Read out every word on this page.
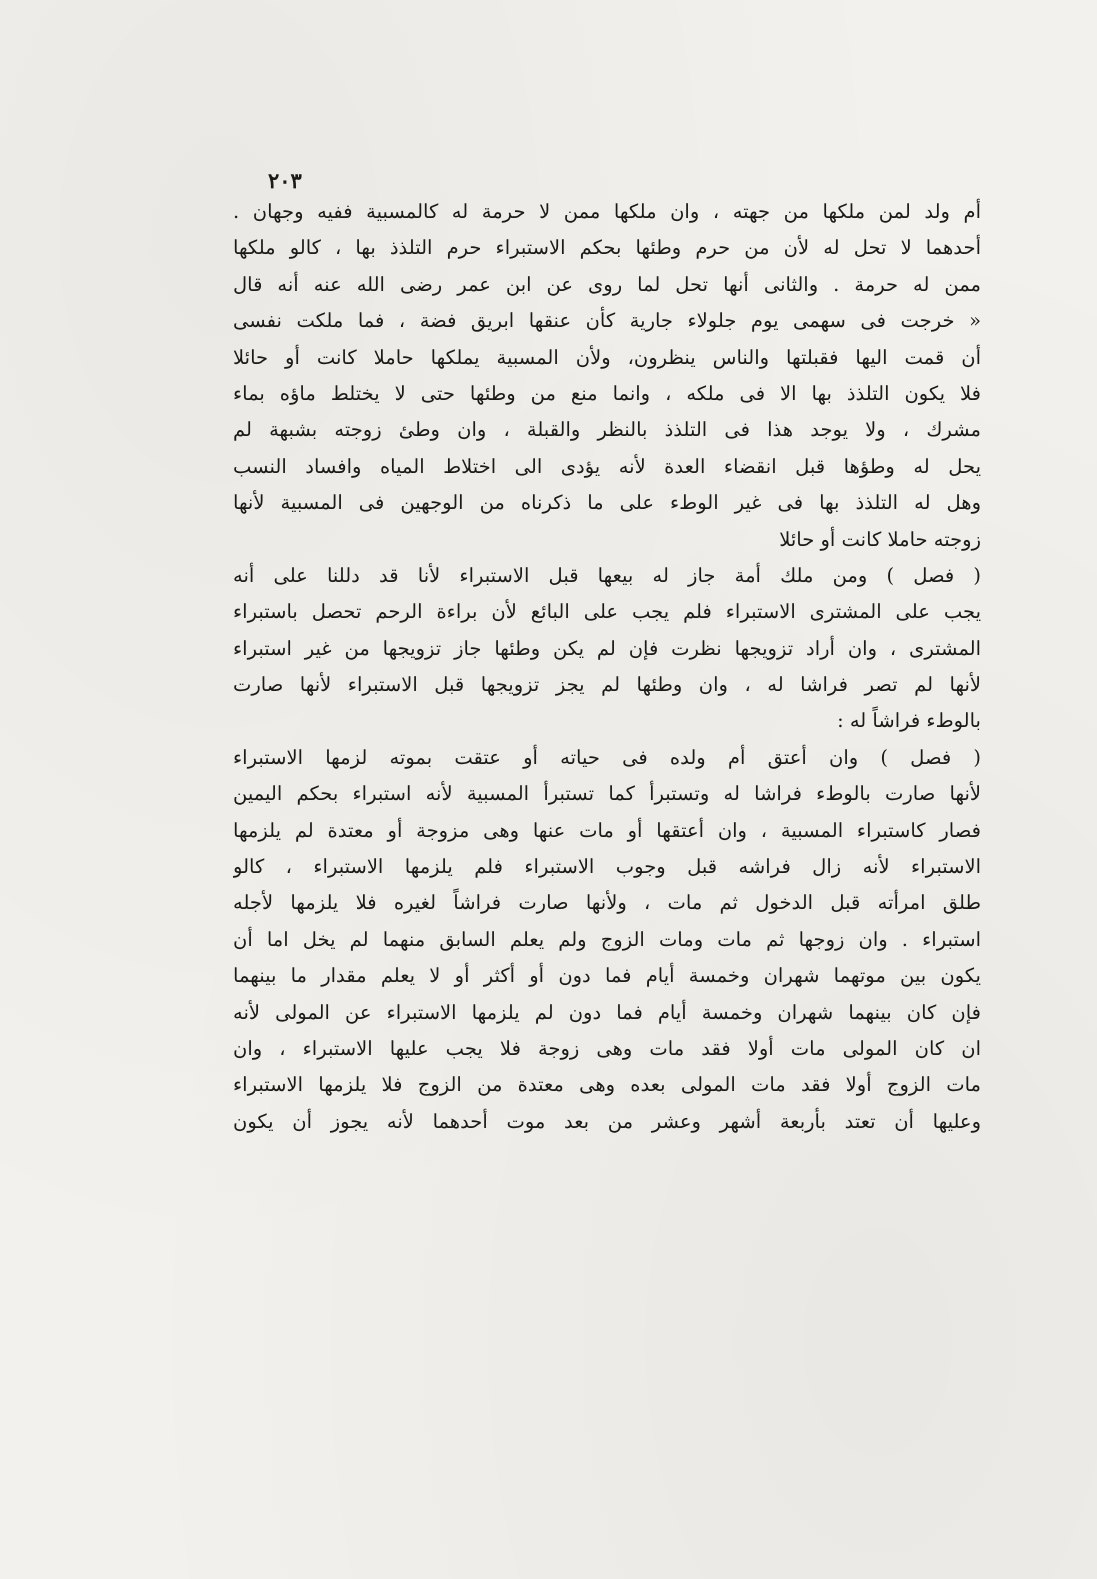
٢٠٣
أم ولد لمن ملكها من جهته ، وان ملكها ممن لا حرمة له كالمسبية ففيه وجهان .
أحدهما لا تحل له لأن من حرم وطئها بحكم الاستبراء حرم التلذذ بها ، كالو ملكها
ممن له حرمة . والثانى أنها تحل لما روى عن ابن عمر رضى الله عنه أنه قال
« خرجت فى سهمى يوم جلولاء جارية كأن عنقها ابريق فضة ، فما ملكت نفسى
أن قمت اليها فقبلتها والناس ينظرون، ولأن المسبية يملكها حاملا كانت أو حائلا
فلا يكون التلذذ بها الا فى ملكه ، وانما منع من وطئها حتى لا يختلط ماؤه بماء
مشرك ، ولا يوجد هذا فى التلذذ بالنظر والقبلة ، وان وطئ زوجته بشبهة لم
يحل له وطؤها قبل انقضاء العدة لأنه يؤدى الى اختلاط المياه وافساد النسب
وهل له التلذذ بها فى غير الوطء على ما ذكرناه من الوجهين فى المسبية لأنها
زوجته حاملا كانت أو حائلا
( فصل ) ومن ملك أمة جاز له بيعها قبل الاستبراء لأنا قد دللنا على أنه
يجب على المشترى الاستبراء فلم يجب على البائع لأن براءة الرحم تحصل باستبراء
المشترى ، وان أراد تزويجها نظرت فإن لم يكن وطئها جاز تزويجها من غير استبراء
لأنها لم تصر فراشا له ، وان وطئها لم يجز تزويجها قبل الاستبراء لأنها صارت
بالوطء فراشاً له :
( فصل ) وان أعتق أم ولده فى حياته أو عتقت بموته لزمها الاستبراء
لأنها صارت بالوطء فراشا له وتستبرأ كما تستبرأ المسبية لأنه استبراء بحكم اليمين
فصار كاستبراء المسبية ، وان أعتقها أو مات عنها وهى مزوجة أو معتدة لم يلزمها
الاستبراء لأنه زال فراشه قبل وجوب الاستبراء فلم يلزمها الاستبراء ، كالو
طلق امرأته قبل الدخول ثم مات ، ولأنها صارت فراشاً لغيره فلا يلزمها لأجله
استبراء . وان زوجها ثم مات ومات الزوج ولم يعلم السابق منهما لم يخل اما أن
يكون بين موتهما شهران وخمسة أيام فما دون أو أكثر أو لا يعلم مقدار ما بينهما
فإن كان بينهما شهران وخمسة أيام فما دون لم يلزمها الاستبراء عن المولى لأنه
ان كان المولى مات أولا فقد مات وهى زوجة فلا يجب عليها الاستبراء ، وان
مات الزوج أولا فقد مات المولى بعده وهى معتدة من الزوج فلا يلزمها الاستبراء
وعليها أن تعتد بأربعة أشهر وعشر من بعد موت أحدهما لأنه يجوز أن يكون
